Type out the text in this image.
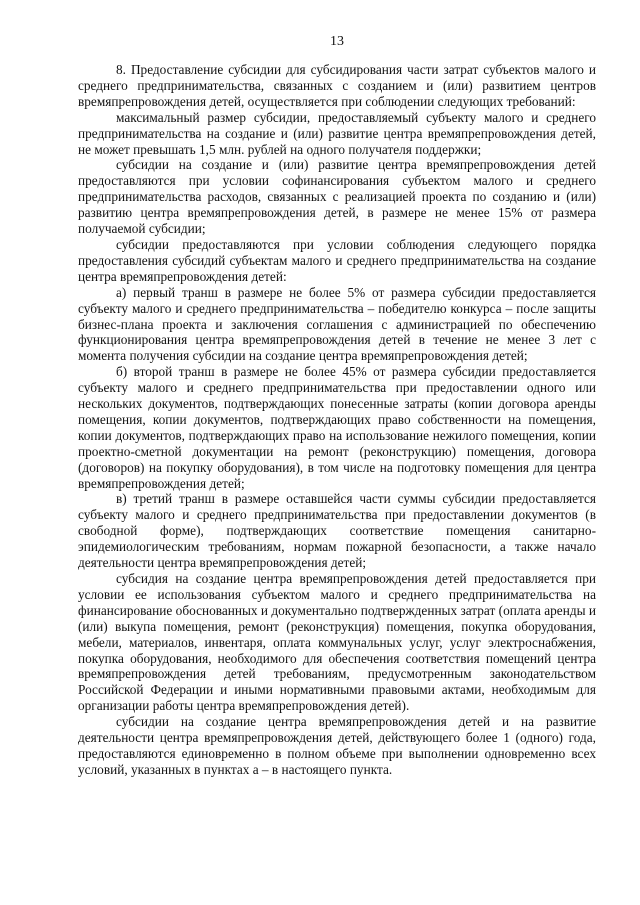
13

8. Предоставление субсидии для субсидирования части затрат субъектов малого и среднего предпринимательства, связанных с созданием и (или) развитием центров времяпрепровождения детей, осуществляется при соблюдении следующих требований:

максимальный размер субсидии, предоставляемый субъекту малого и среднего предпринимательства на создание и (или) развитие центра времяпрепровождения детей, не может превышать 1,5 млн. рублей на одного получателя поддержки;

субсидии на создание и (или) развитие центра времяпрепровождения детей предоставляются при условии софинансирования субъектом малого и среднего предпринимательства расходов, связанных с реализацией проекта по созданию и (или) развитию центра времяпрепровождения детей, в размере не менее 15% от размера получаемой субсидии;

субсидии предоставляются при условии соблюдения следующего порядка предоставления субсидий субъектам малого и среднего предпринимательства на создание центра времяпрепровождения детей:

а) первый транш в размере не более 5% от размера субсидии предоставляется субъекту малого и среднего предпринимательства – победителю конкурса – после защиты бизнес-плана проекта и заключения соглашения с администрацией по обеспечению функционирования центра времяпрепровождения детей в течение не менее 3 лет с момента получения субсидии на создание центра времяпрепровождения детей;

б) второй транш в размере не более 45% от размера субсидии предоставляется субъекту малого и среднего предпринимательства при предоставлении одного или нескольких документов, подтверждающих понесенные затраты (копии договора аренды помещения, копии документов, подтверждающих право собственности на помещения, копии документов, подтверждающих право на использование нежилого помещения, копии проектно-сметной документации на ремонт (реконструкцию) помещения, договора (договоров) на покупку оборудования), в том числе на подготовку помещения для центра времяпрепровождения детей;

в) третий транш в размере оставшейся части суммы субсидии предоставляется субъекту малого и среднего предпринимательства при предоставлении документов (в свободной форме), подтверждающих соответствие помещения санитарно-эпидемиологическим требованиям, нормам пожарной безопасности, а также начало деятельности центра времяпрепровождения детей;

субсидия на создание центра времяпрепровождения детей предоставляется при условии ее использования субъектом малого и среднего предпринимательства на финансирование обоснованных и документально подтвержденных затрат (оплата аренды и (или) выкупа помещения, ремонт (реконструкция) помещения, покупка оборудования, мебели, материалов, инвентаря, оплата коммунальных услуг, услуг электроснабжения, покупка оборудования, необходимого для обеспечения соответствия помещений центра времяпрепровождения детей требованиям, предусмотренным законодательством Российской Федерации и иными нормативными правовыми актами, необходимым для организации работы центра времяпрепровождения детей).

субсидии на создание центра времяпрепровождения детей и на развитие деятельности центра времяпрепровождения детей, действующего более 1 (одного) года, предоставляются единовременно в полном объеме при выполнении одновременно всех условий, указанных в пунктах а – в настоящего пункта.
